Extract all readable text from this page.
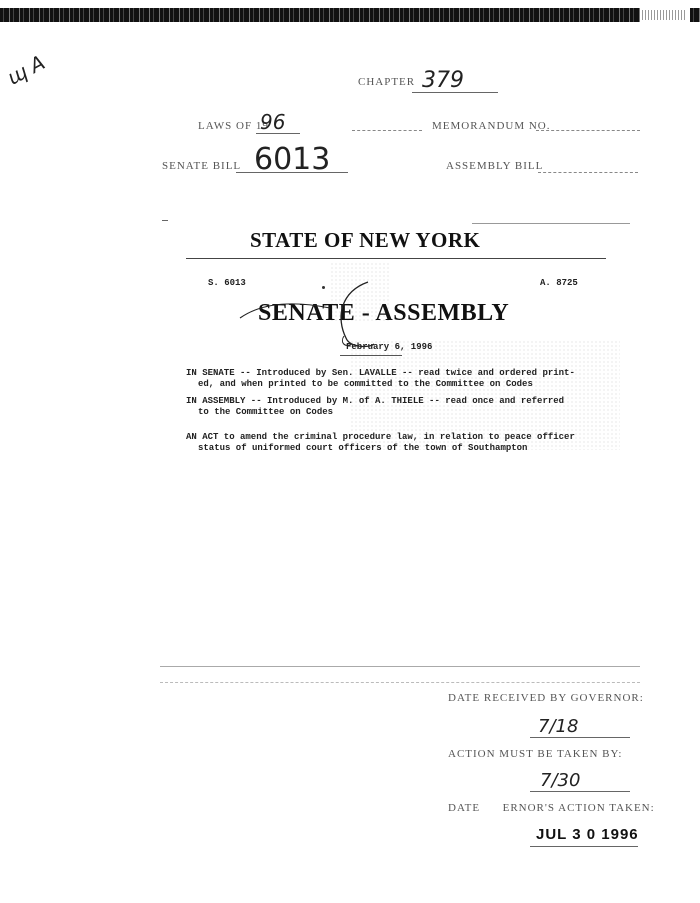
ɰ A	CHAPTER 379
LAWS OF 19
96	MEMORANDUM NO.
SENATE BILL 6013	ASSEMBLY BILL
STATE OF NEW YORK
S. 6013	A. 8725
SENATE - ASSEMBLY
February 6, 1996
IN SENATE -- Introduced by Sen. LAVALLE -- read twice and ordered print-
ed, and when printed to be committed to the Committee on Codes
IN ASSEMBLY -- Introduced by M. of A. THIELE -- read once and referred
to the Committee on Codes
AN ACT to amend the criminal procedure law, in relation to peace officer
status of uniformed court officers of the town of Southampton
DATE RECEIVED BY GOVERNOR:
7/18
ACTION MUST BE TAKEN BY:
7/30
DATE      ERNOR'S ACTION TAKEN:
JUL 3 0 1996
